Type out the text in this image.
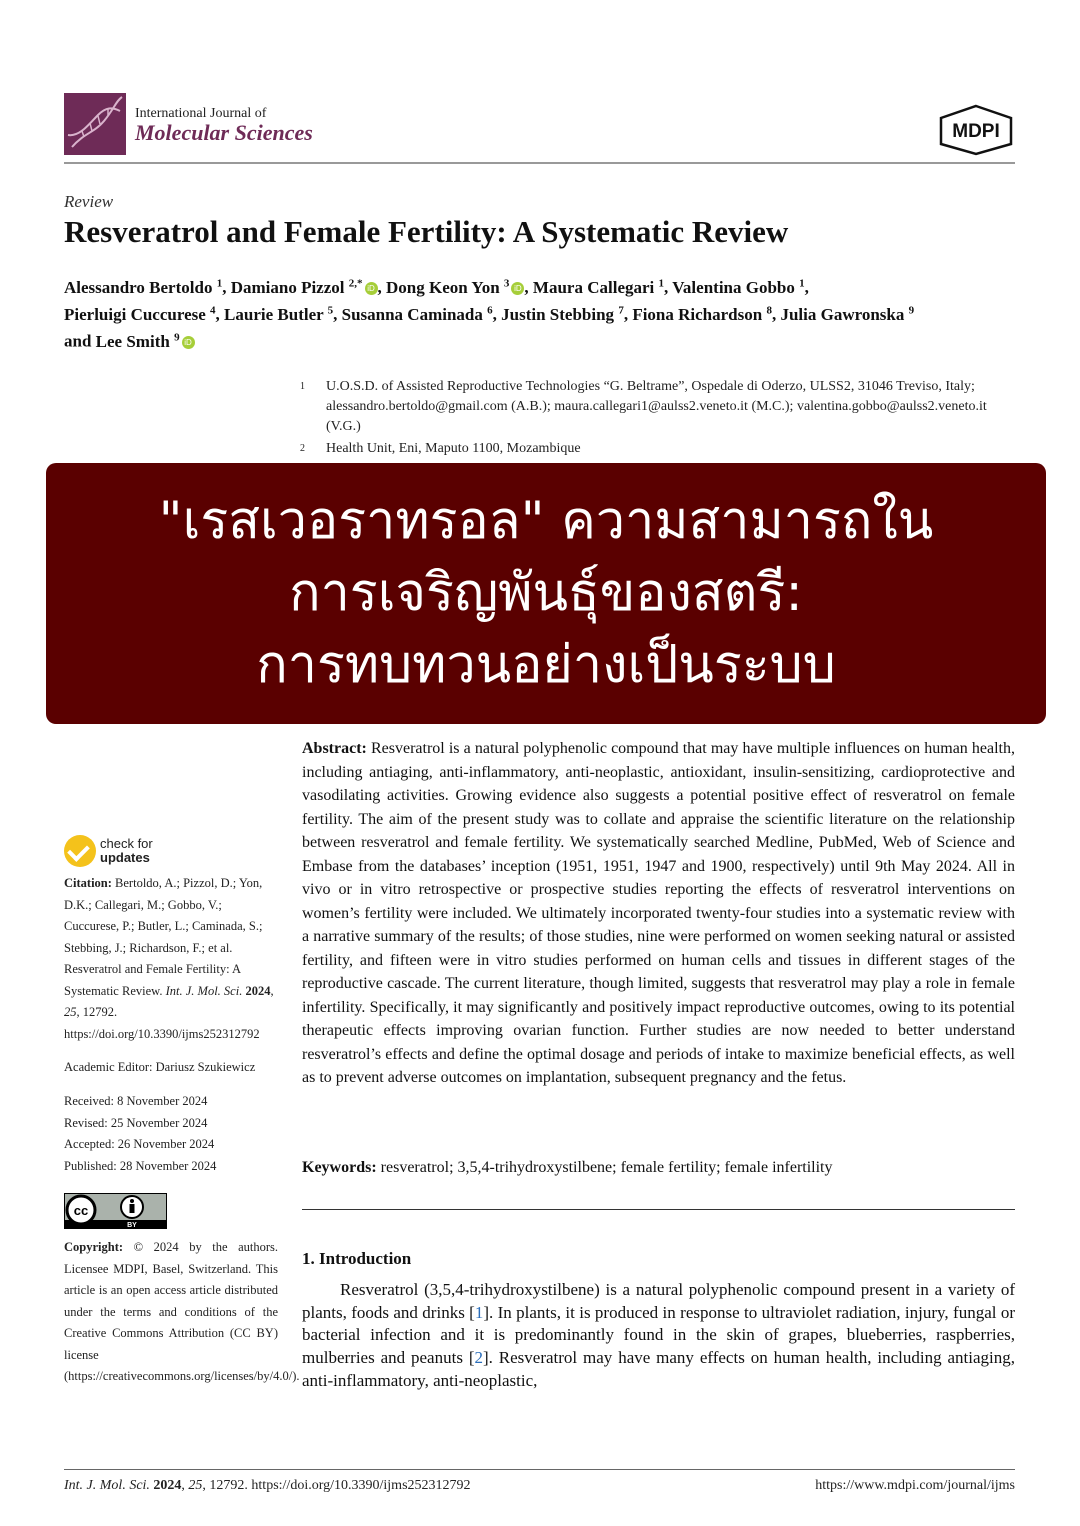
International Journal of
Molecular Sciences	MDPI
Review
Resveratrol and Female Fertility: A Systematic Review
Alessandro Bertoldo $^1$, Damiano Pizzol $^{2,*}$ iD , Dong Keon Yon $^3$ iD , Maura Callegari $^1$, Valentina Gobbo $^1$,
Pierluigi Cuccurese $^4$, Laurie Butler $^5$, Susanna Caminada $^6$, Justin Stebbing $^7$, Fiona Richardson $^8$, Julia Gawronska $^9$
and Lee Smith $^9$ iD
1 U.O.S.D. of Assisted Reproductive Technologies “G. Beltrame”, Ospedale di Oderzo, ULSS2, 31046 Treviso, Italy; alessandro.bertoldo@gmail.com (A.B.); maura.callegari1@aulss2.veneto.it (M.C.); valentina.gobbo@aulss2.veneto.it (V.G.)
2 Health Unit, Eni, Maputo 1100, Mozambique
"เรสเวอราทรอล" ความสามารถใน
การเจริญพันธุ์ของสตรี:
การทบทวนอย่างเป็นระบบ
Abstract: Resveratrol is a natural polyphenolic compound that may have multiple influences on human health, including antiaging, anti-inflammatory, anti-neoplastic, antioxidant, insulin-sensitizing, cardioprotective and vasodilating activities. Growing evidence also suggests a potential positive effect of resveratrol on female fertility. The aim of the present study was to collate and appraise the scientific literature on the relationship between resveratrol and female fertility. We systematically searched Medline, PubMed, Web of Science and Embase from the databases’ inception (1951, 1951, 1947 and 1900, respectively) until 9th May 2024. All in vivo or in vitro retrospective or prospective studies reporting the effects of resveratrol interventions on women’s fertility were included. We ultimately incorporated twenty-four studies into a systematic review with a narrative summary of the results; of those studies, nine were performed on women seeking natural or assisted fertility, and fifteen were in vitro studies performed on human cells and tissues in different stages of the reproductive cascade. The current literature, though limited, suggests that resveratrol may play a role in female infertility. Specifically, it may significantly and positively impact reproductive outcomes, owing to its potential therapeutic effects improving ovarian function. Further studies are now needed to better understand resveratrol’s effects and define the optimal dosage and periods of intake to maximize beneficial effects, as well as to prevent adverse outcomes on implantation, subsequent pregnancy and the fetus.
Keywords: resveratrol; 3,5,4-trihydroxystilbene; female fertility; female infertility
1. Introduction
Resveratrol (3,5,4-trihydroxystilbene) is a natural polyphenolic compound present in a variety of plants, foods and drinks [1]. In plants, it is produced in response to ultraviolet radiation, injury, fungal or bacterial infection and it is predominantly found in the skin of grapes, blueberries, raspberries, mulberries and peanuts [2]. Resveratrol may have many effects on human health, including antiaging, anti-inflammatory, anti-neoplastic,
check for
updates
Citation: Bertoldo, A.; Pizzol, D.; Yon, D.K.; Callegari, M.; Gobbo, V.; Cuccurese, P.; Butler, L.; Caminada, S.; Stebbing, J.; Richardson, F.; et al. Resveratrol and Female Fertility: A Systematic Review. Int. J. Mol. Sci. 2024, 25, 12792. https://doi.org/10.3390/ijms252312792
Academic Editor: Dariusz Szukiewicz
Received: 8 November 2024
Revised: 25 November 2024
Accepted: 26 November 2024
Published: 28 November 2024
cc
BY
Copyright: © 2024 by the authors. Licensee MDPI, Basel, Switzerland. This article is an open access article distributed under the terms and conditions of the Creative Commons Attribution (CC BY) license (https://creativecommons.org/licenses/by/4.0/).
Int. J. Mol. Sci. 2024, 25, 12792. https://doi.org/10.3390/ijms252312792	https://www.mdpi.com/journal/ijms
